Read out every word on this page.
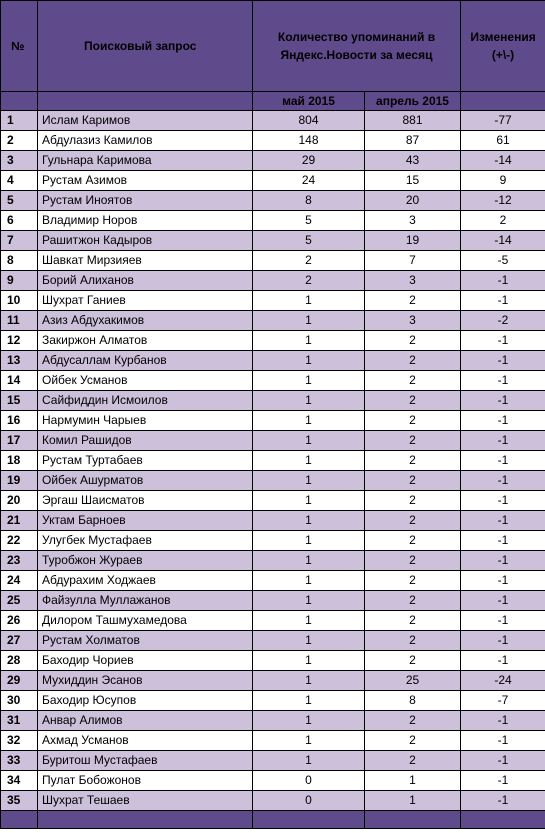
№	Поисковый запрос	Количество упоминаний в Яндекс.Новости за месяц		Изменения (+\-)
		май 2015	апрель 2015	
1	Ислам Каримов	804	881	-77
2	Абдулазиз Камилов	148	87	61
3	Гульнара Каримова	29	43	-14
4	Рустам Азимов	24	15	9
5	Рустам Иноятов	8	20	-12
6	Владимир Норов	5	3	2
7	Рашитжон Кадыров	5	19	-14
8	Шавкат Мирзияев	2	7	-5
9	Борий Алиханов	2	3	-1
10	Шухрат Ганиев	1	2	-1
11	Азиз Абдухакимов	1	3	-2
12	Закиржон Алматов	1	2	-1
13	Абдусаллам Курбанов	1	2	-1
14	Ойбек Усманов	1	2	-1
15	Сайфиддин Исмоилов	1	2	-1
16	Нармумин Чарыев	1	2	-1
17	Комил Рашидов	1	2	-1
18	Рустам Туртабаев	1	2	-1
19	Ойбек Ашурматов	1	2	-1
20	Эргаш Шаисматов	1	2	-1
21	Уктам Барноев	1	2	-1
22	Улугбек Мустафаев	1	2	-1
23	Туробжон Жураев	1	2	-1
24	Абдурахим Ходжаев	1	2	-1
25	Файзулла Муллажанов	1	2	-1
26	Дилором Ташмухамедова	1	2	-1
27	Рустам Холматов	1	2	-1
28	Баходир Чориев	1	2	-1
29	Мухиддин Эсанов	1	25	-24
30	Баходир Юсупов	1	8	-7
31	Анвар Алимов	1	2	-1
32	Ахмад Усманов	1	2	-1
33	Буритош Мустафаев	1	2	-1
34	Пулат Бобожонов	0	1	-1
35	Шухрат Тешаев	0	1	-1
